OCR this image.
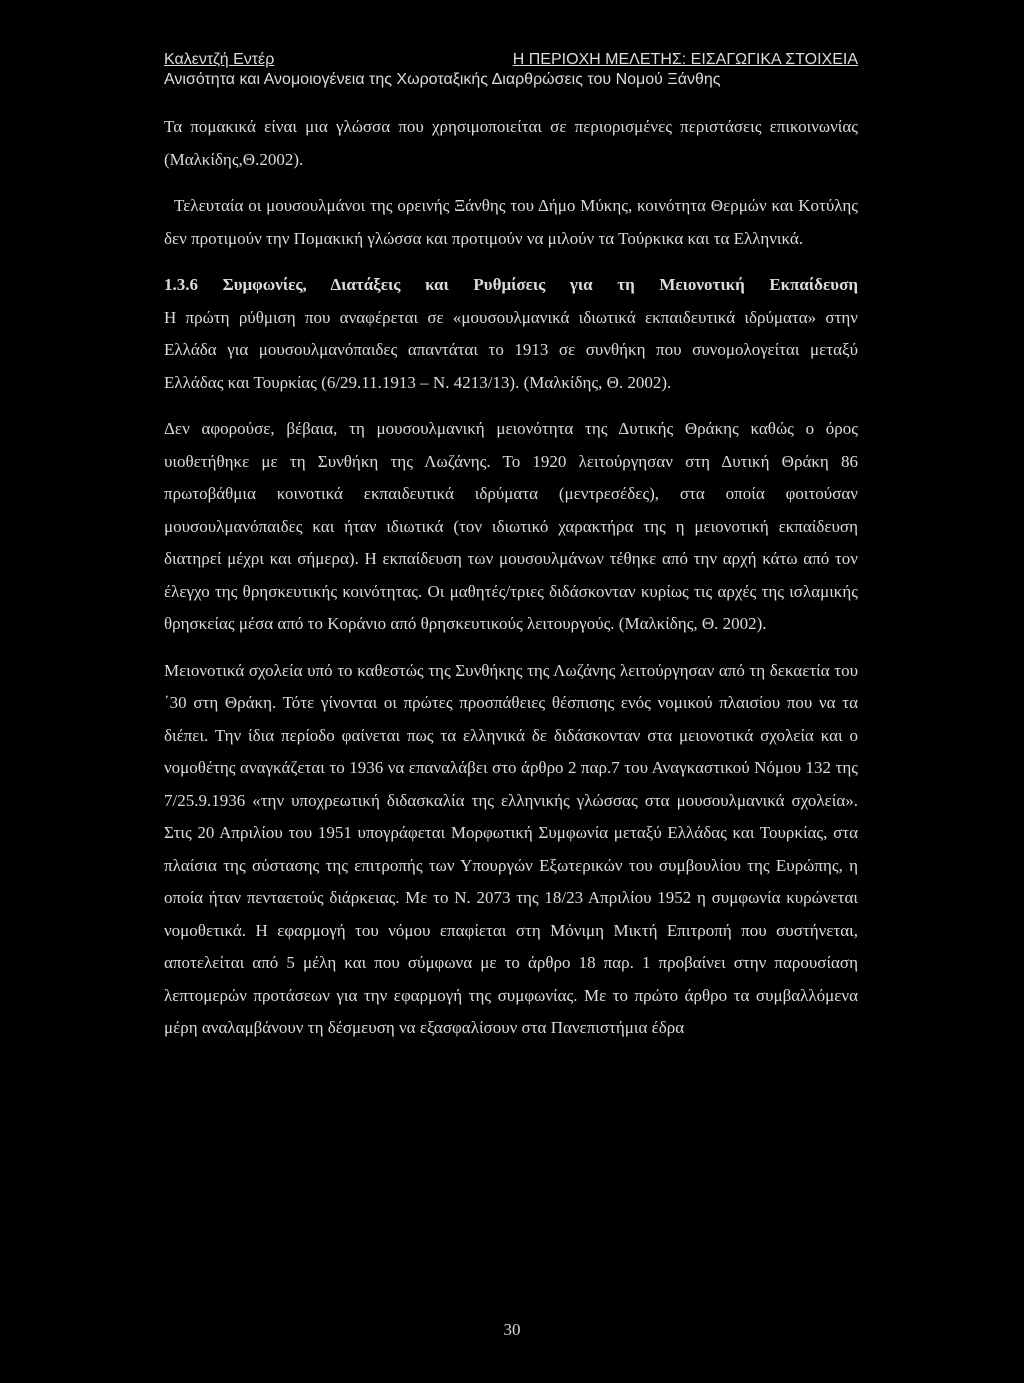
Καλεντζή Εντέρ	Η ΠΕΡΙΟΧΗ ΜΕΛΕΤΗΣ: ΕΙΣΑΓΩΓΙΚΑ ΣΤΟΙΧΕΙΑ
Ανισότητα και Ανομοιογένεια της Χωροταξικής Διαρθρώσεις του Νομού Ξάνθης

Τα πομακικά είναι μια γλώσσα που χρησιμοποιείται σε περιορισμένες περιστάσεις επικοινωνίας (Μαλκίδης,Θ.2002).

Τελευταία οι μουσουλμάνοι της ορεινής Ξάνθης του Δήμο Μύκης, κοινότητα Θερμών και Κοτύλης δεν προτιμούν την Πομακική γλώσσα και προτιμούν να μιλούν τα Τούρκικα και τα Ελληνικά.

1.3.6 Συμφωνίες, Διατάξεις και Ρυθμίσεις για τη Μειονοτική Εκπαίδευση

Η πρώτη ρύθμιση που αναφέρεται σε «μουσουλμανικά ιδιωτικά εκπαιδευτικά ιδρύματα» στην Ελλάδα για μουσουλμανόπαιδες απαντάται το 1913 σε συνθήκη που συνομολογείται μεταξύ Ελλάδας και Τουρκίας (6/29.11.1913 – Ν. 4213/13). (Μαλκίδης, Θ. 2002).

Δεν αφορούσε, βέβαια, τη μουσουλμανική μειονότητα της Δυτικής Θράκης καθώς ο όρος υιοθετήθηκε με τη Συνθήκη της Λωζάνης. Το 1920 λειτούργησαν στη Δυτική Θράκη 86 πρωτοβάθμια κοινοτικά εκπαιδευτικά ιδρύματα (μεντρεσέδες), στα οποία φοιτούσαν μουσουλμανόπαιδες και ήταν ιδιωτικά (τον ιδιωτικό χαρακτήρα της η μειονοτική εκπαίδευση διατηρεί μέχρι και σήμερα). Η εκπαίδευση των μουσουλμάνων τέθηκε από την αρχή κάτω από τον έλεγχο της θρησκευτικής κοινότητας. Οι μαθητές/τριες διδάσκονταν κυρίως τις αρχές της ισλαμικής θρησκείας μέσα από το Κοράνιο από θρησκευτικούς λειτουργούς. (Μαλκίδης, Θ. 2002).

Μειονοτικά σχολεία υπό το καθεστώς της Συνθήκης της Λωζάνης λειτούργησαν από τη δεκαετία του ΄30 στη Θράκη. Τότε γίνονται οι πρώτες προσπάθειες θέσπισης ενός νομικού πλαισίου που να τα διέπει. Την ίδια περίοδο φαίνεται πως τα ελληνικά δε διδάσκονταν στα μειονοτικά σχολεία και ο νομοθέτης αναγκάζεται το 1936 να επαναλάβει στο άρθρο 2 παρ.7 του Αναγκαστικού Νόμου 132 της 7/25.9.1936 «την υποχρεωτική διδασκαλία της ελληνικής γλώσσας στα μουσουλμανικά σχολεία». Στις 20 Απριλίου του 1951 υπογράφεται Μορφωτική Συμφωνία μεταξύ Ελλάδας και Τουρκίας, στα πλαίσια της σύστασης της επιτροπής των Υπουργών Εξωτερικών του συμβουλίου της Ευρώπης, η οποία ήταν πενταετούς διάρκειας. Με το Ν. 2073 της 18/23 Απριλίου 1952 η συμφωνία κυρώνεται νομοθετικά. Η εφαρμογή του νόμου επαφίεται στη Μόνιμη Μικτή Επιτροπή που συστήνεται, αποτελείται από 5 μέλη και που σύμφωνα με το άρθρο 18 παρ. 1 προβαίνει στην παρουσίαση λεπτομερών προτάσεων για την εφαρμογή της συμφωνίας. Με το πρώτο άρθρο τα συμβαλλόμενα μέρη αναλαμβάνουν τη δέσμευση να εξασφαλίσουν στα Πανεπιστήμια έδρα

30
